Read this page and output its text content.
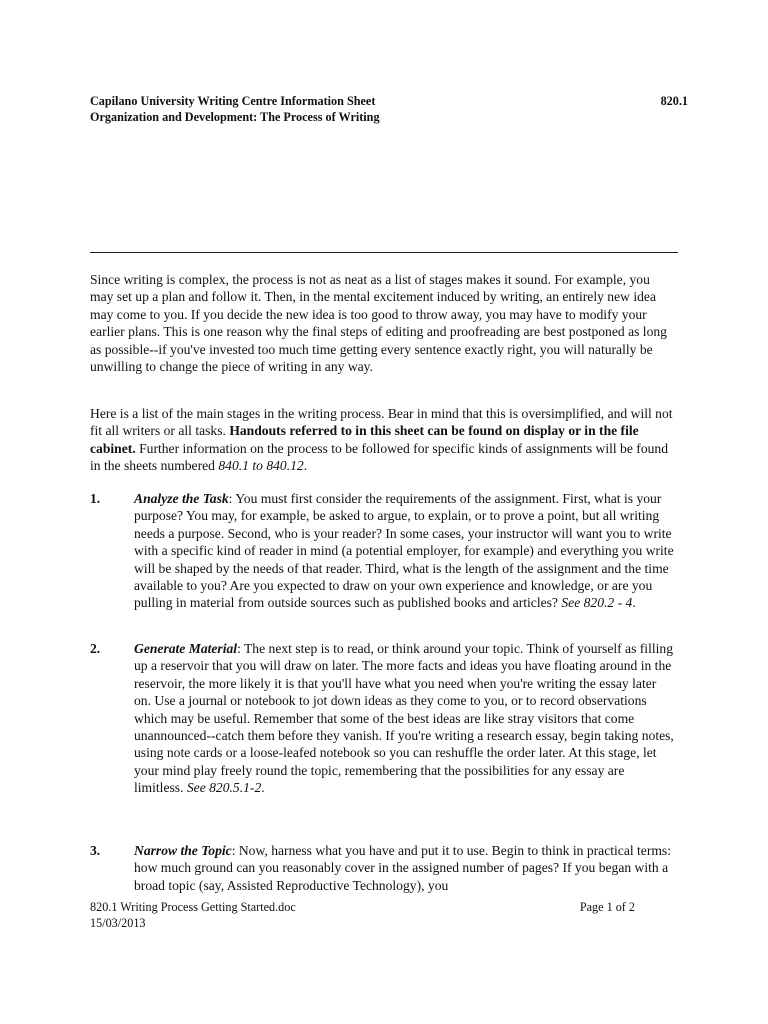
Capilano University Writing Centre Information Sheet	820.1
Organization and Development: The Process of Writing
Since writing is complex, the process is not as neat as a list of stages makes it sound. For example, you may set up a plan and follow it. Then, in the mental excitement induced by writing, an entirely new idea may come to you. If you decide the new idea is too good to throw away, you may have to modify your earlier plans. This is one reason why the final steps of editing and proofreading are best postponed as long as possible--if you've invested too much time getting every sentence exactly right, you will naturally be unwilling to change the piece of writing in any way.
Here is a list of the main stages in the writing process. Bear in mind that this is oversimplified, and will not fit all writers or all tasks. Handouts referred to in this sheet can be found on display or in the file cabinet. Further information on the process to be followed for specific kinds of assignments will be found in the sheets numbered 840.1 to 840.12.
1. Analyze the Task: You must first consider the requirements of the assignment. First, what is your purpose? You may, for example, be asked to argue, to explain, or to prove a point, but all writing needs a purpose. Second, who is your reader? In some cases, your instructor will want you to write with a specific kind of reader in mind (a potential employer, for example) and everything you write will be shaped by the needs of that reader. Third, what is the length of the assignment and the time available to you? Are you expected to draw on your own experience and knowledge, or are you pulling in material from outside sources such as published books and articles? See 820.2 - 4.
2. Generate Material: The next step is to read, or think around your topic. Think of yourself as filling up a reservoir that you will draw on later. The more facts and ideas you have floating around in the reservoir, the more likely it is that you'll have what you need when you're writing the essay later on. Use a journal or notebook to jot down ideas as they come to you, or to record observations which may be useful. Remember that some of the best ideas are like stray visitors that come unannounced--catch them before they vanish. If you're writing a research essay, begin taking notes, using note cards or a loose-leafed notebook so you can reshuffle the order later. At this stage, let your mind play freely round the topic, remembering that the possibilities for any essay are limitless. See 820.5.1-2.
3. Narrow the Topic: Now, harness what you have and put it to use. Begin to think in practical terms: how much ground can you reasonably cover in the assigned number of pages? If you began with a broad topic (say, Assisted Reproductive Technology), you
820.1 Writing Process Getting Started.doc	Page 1 of 2
15/03/2013
